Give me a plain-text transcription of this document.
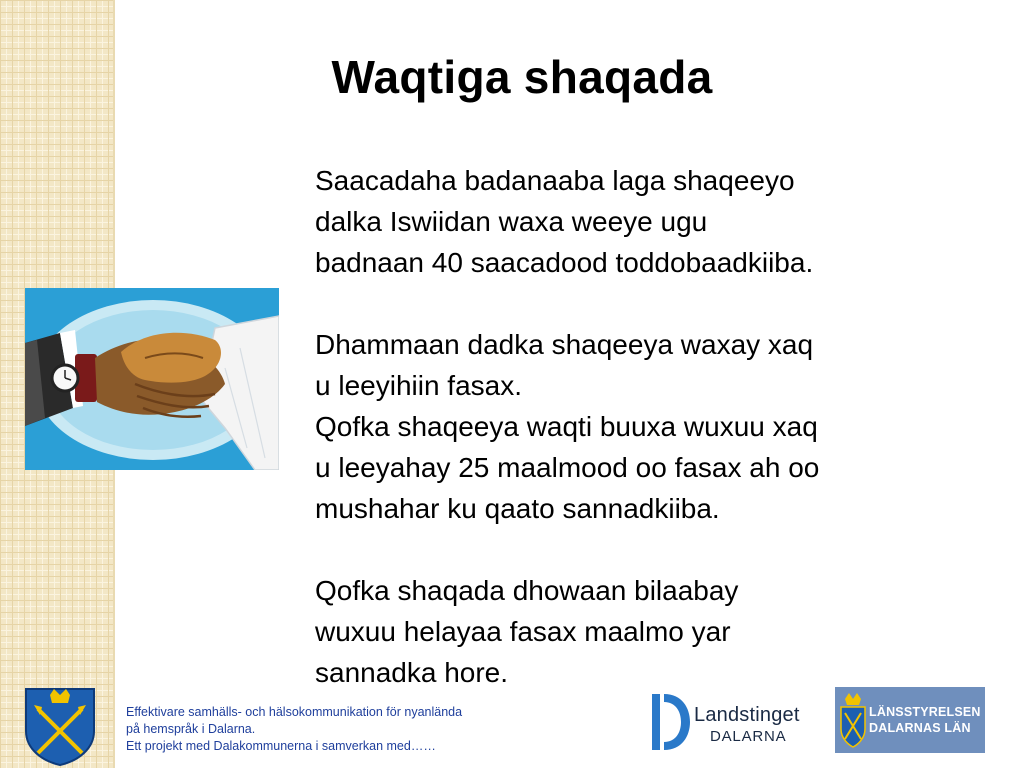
Waqtiga shaqada
Saacadaha badanaaba laga shaqeeyo
dalka Iswiidan waxa weeye ugu
badnaan 40 saacadood toddobaadkiiba.
Dhammaan dadka shaqeeya waxay xaq
u leeyihiin fasax.
Qofka shaqeeya waqti buuxa wuxuu xaq
u leeyahay 25 maalmood oo fasax ah oo
mushahar ku qaato sannadkiiba.
Qofka shaqada dhowaan bilaabay
wuxuu helayaa fasax maalmo yar
sannadka hore.
Effektivare samhälls- och hälsokommunikation för nyanlända
på hemspråk i Dalarna.
Ett projekt med Dalakommunerna i samverkan med……
Landstinget
DALARNA
LÄNSSTYRELSEN
DALARNAS LÄN
